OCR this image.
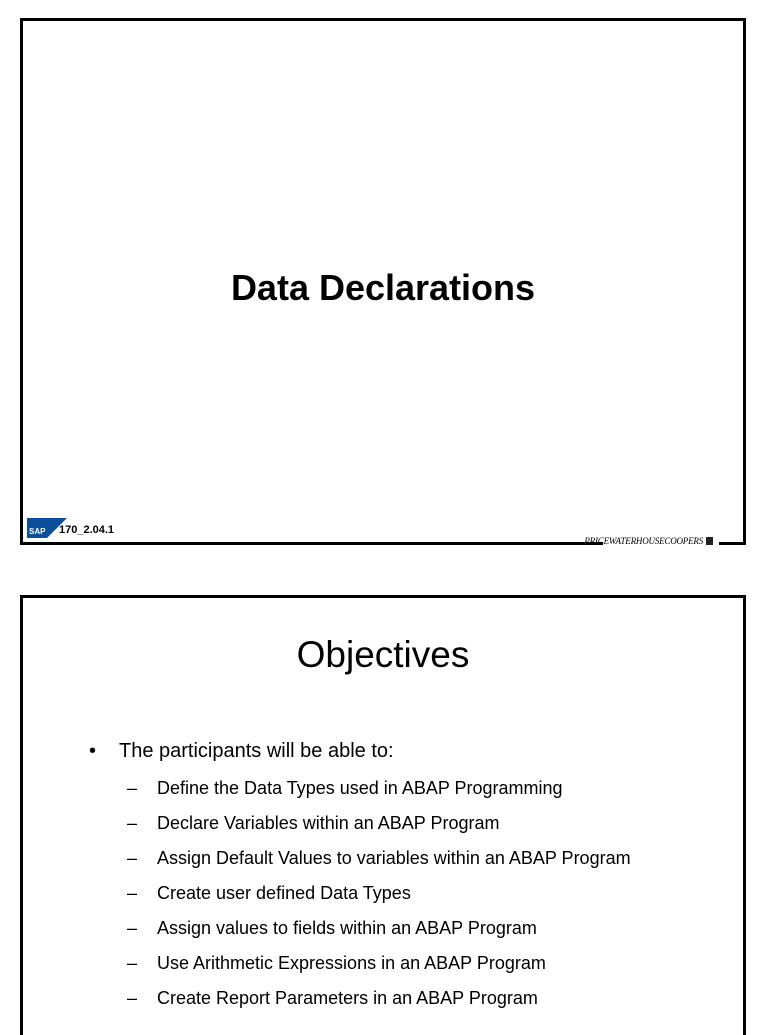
Data Declarations
SAP 170_2.04.1
PRICEWATERHOUSECOOPERS
Objectives
• The participants will be able to:
– Define the Data Types used in ABAP Programming
– Declare Variables within an ABAP Program
– Assign Default Values to variables within an ABAP Program
– Create user defined Data Types
– Assign values to fields within an ABAP Program
– Use Arithmetic Expressions in an ABAP Program
– Create Report Parameters in an ABAP Program
